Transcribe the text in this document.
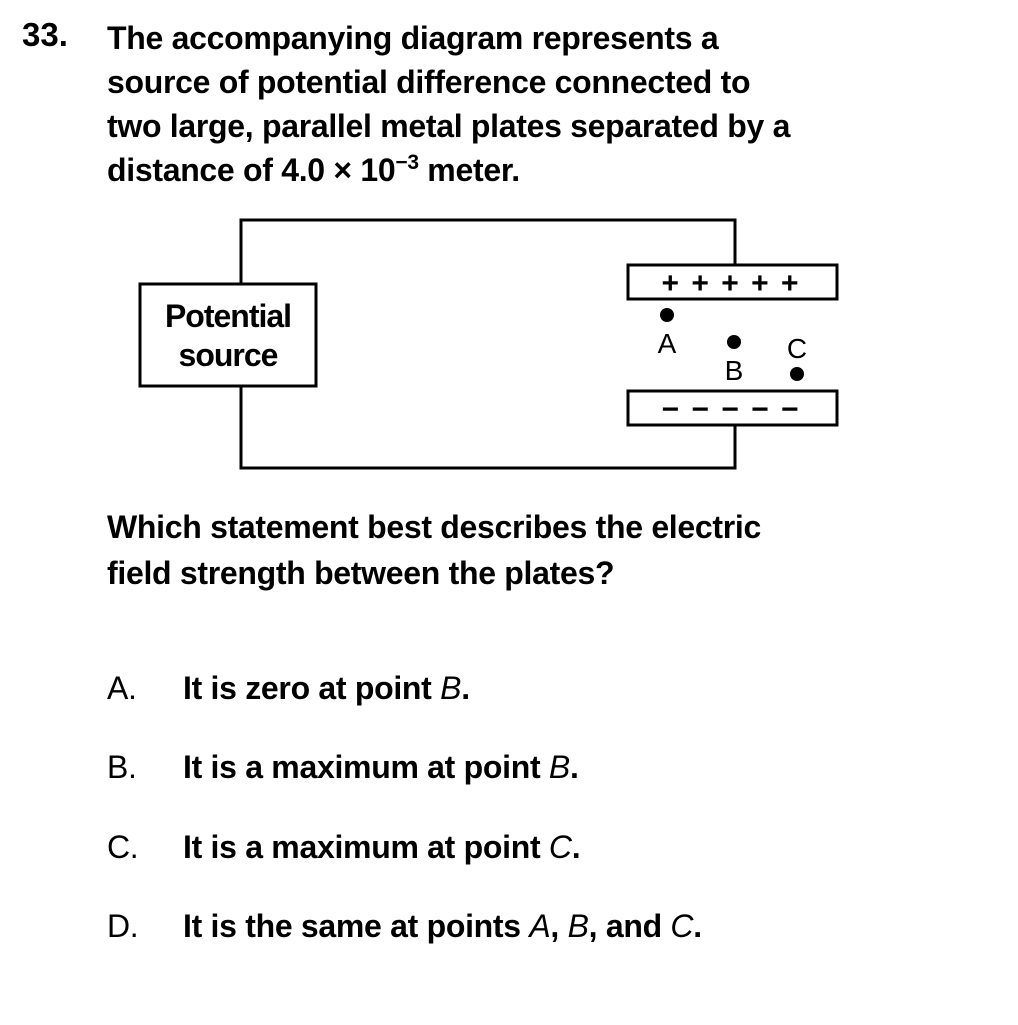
33. The accompanying diagram represents a

source of potential difference connected to

two large, parallel metal plates separated by a

distance of $4.0 \times 10^{-3}$ meter.

Potential
source
+ + + + +
− − − − −
A
B
C

Which statement best describes the electric

field strength between the plates?

A. It is zero at point B.
B. It is a maximum at point B.
C. It is a maximum at point C.
D. It is the same at points A, B, and C.
